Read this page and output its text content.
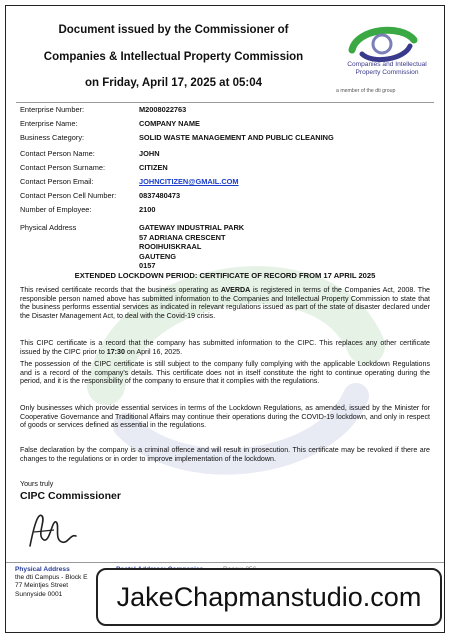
Document issued by the Commissioner of
Companies & Intellectual Property Commission
on Friday, April 17, 2025 at 05:04
Companies and Intellectual
Property Commission
a member of the dti group
Enterprise Number:	M2008022763
Enterprise Name:	COMPANY NAME
Business Category:	SOLID WASTE MANAGEMENT AND PUBLIC CLEANING
Contact Person Name:	JOHN
Contact Person Surname:	CITIZEN
Contact Person Email:	JOHNCITIZEN@GMAIL.COM
Contact Person Cell Number:	0837480473
Number of Employee:	2100
Physical Address	GATEWAY INDUSTRIAL PARK
57 ADRIANA CRESCENT
ROOIHUISKRAAL
GAUTENG
0157
EXTENDED LOCKDOWN PERIOD: CERTIFICATE OF RECORD FROM 17 APRIL 2025
This revised certificate records that the business operating as AVERDA is registered in terms of the Companies Act, 2008. The responsible person named above has submitted information to the Companies and Intellectual Property Commission to state that the business performs essential services as indicated in relevant regulations issued as part of the state of disaster declared under the Disaster Management Act, to deal with the Covid-19 crisis.
This CIPC certificate is a record that the company has submitted information to the CIPC. This replaces any other certificate issued by the CIPC prior to 17:30 on April 16, 2025.
The possession of the CIPC certificate is still subject to the company fully complying with the applicable Lockdown Regulations and is a record of the company's details. This certificate does not in itself constitute the right to continue operating during the period, and it is the responsibility of the company to ensure that it complies with the regulations.
Only businesses which provide essential services in terms of the Lockdown Regulations, as amended, issued by the Minister for Cooperative Governance and Traditional Affairs may continue their operations during the COVID-19 lockdown, and only in respect of goods or services defined as essential in the regulations.
False declaration by the company is a criminal offence and will result in prosecution. This certificate may be revoked if there are changes to the regulations or in order to improve implementation of the lockdown.
Yours truly
CIPC Commissioner
Physical Address
the dti Campus - Block E
77 Meintjes Street
Sunnyside 0001	JakeChapmanstudio.com
